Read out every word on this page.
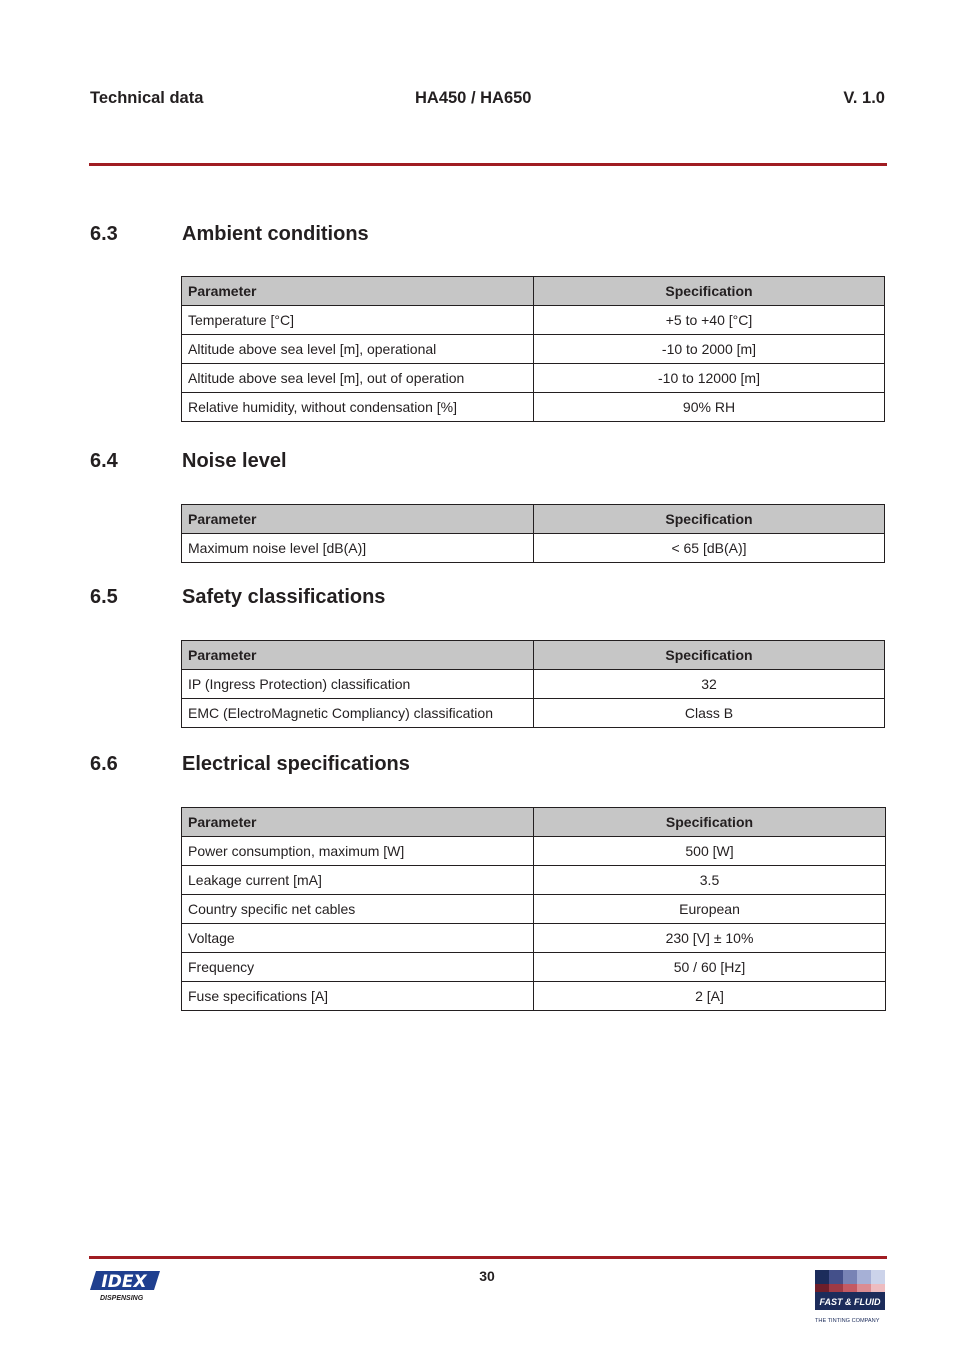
Technical data	HA450 / HA650	V. 1.0
6.3	Ambient conditions
Parameter	Specification
Temperature [°C]	+5 to +40 [°C]
Altitude above sea level [m], operational	-10 to 2000 [m]
Altitude above sea level [m], out of operation	-10 to 12000 [m]
Relative humidity, without condensation [%]	90% RH
6.4	Noise level
Parameter	Specification
Maximum noise level [dB(A)]	< 65 [dB(A)]
6.5	Safety classifications
Parameter	Specification
IP (Ingress Protection) classification	32
EMC (ElectroMagnetic Compliancy) classification	Class B
6.6	Electrical specifications
Parameter	Specification
Power consumption, maximum [W]	500 [W]
Leakage current [mA]	3.5
Country specific net cables	European
Voltage	230 [V] ± 10%
Frequency	50 / 60 [Hz]
Fuse specifications [A]	2 [A]
30
IDEX
DISPENSING	FAST & FLUID
THE TINTING COMPANY
